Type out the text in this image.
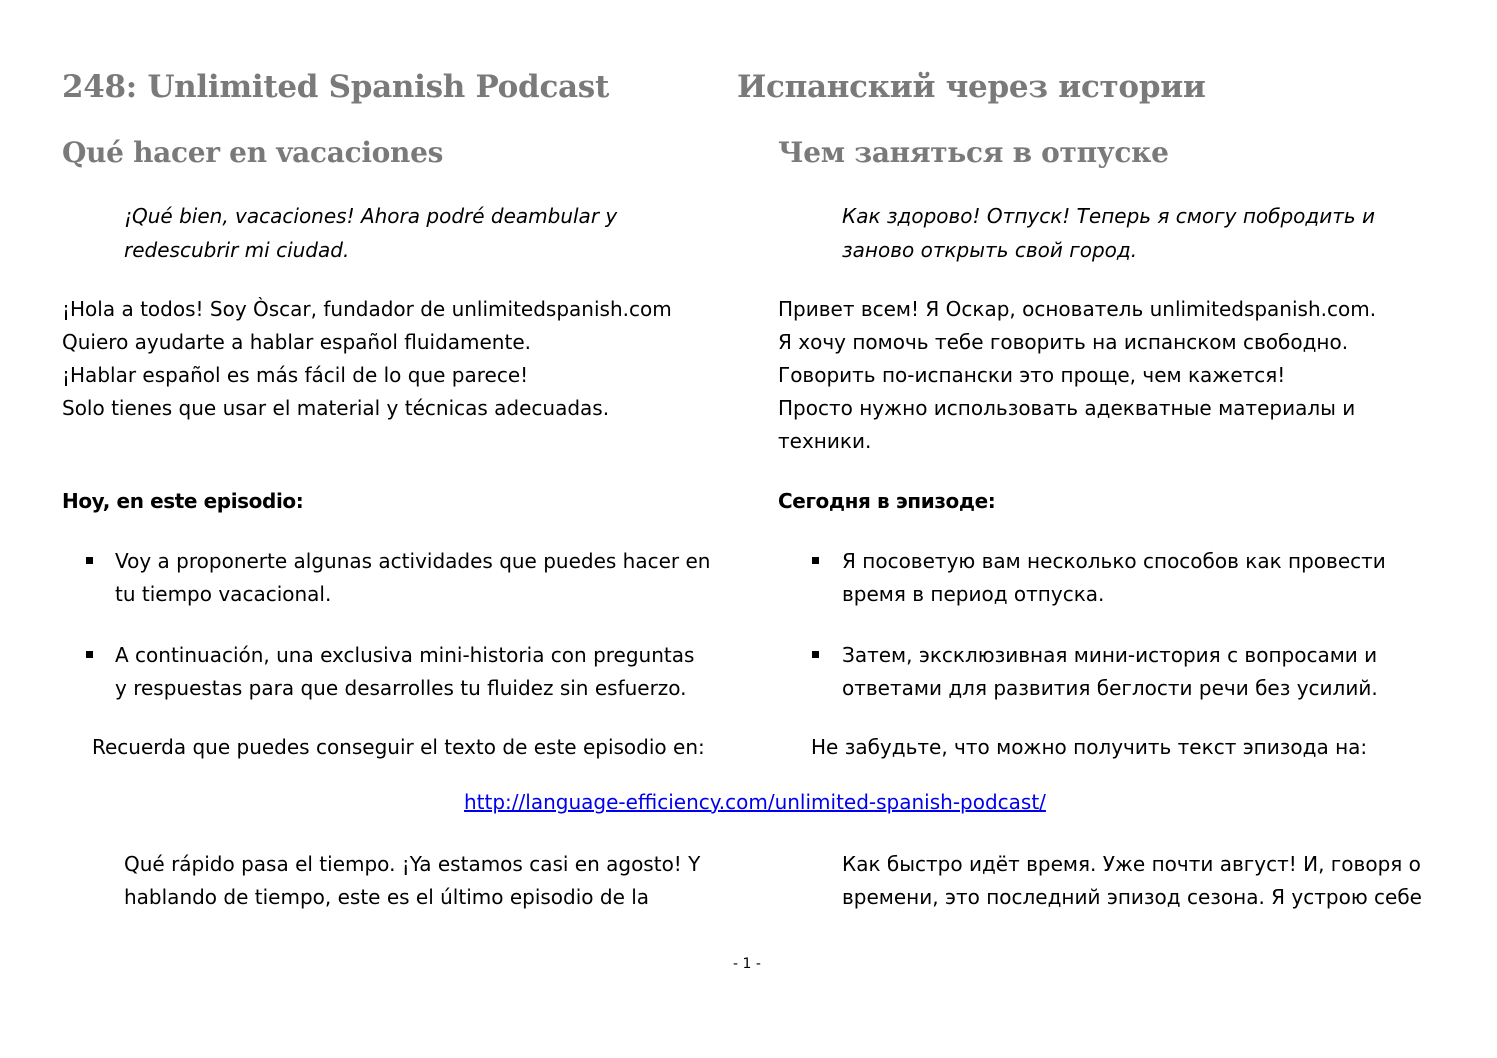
248: Unlimited Spanish Podcast
Qué hacer en vacaciones
¡Qué bien, vacaciones! Ahora podré deambular y
redescubrir mi ciudad.
¡Hola a todos! Soy Òscar, fundador de unlimitedspanish.com
Quiero ayudarte a hablar español fluidamente.
¡Hablar español es más fácil de lo que parece!
Solo tienes que usar el material y técnicas adecuadas.
Hoy, en este episodio:
Voy a proponerte algunas actividades que puedes hacer en
tu tiempo vacacional.
A continuación, una exclusiva mini-historia con preguntas
y respuestas para que desarrolles tu fluidez sin esfuerzo.
Recuerda que puedes conseguir el texto de este episodio en:
Qué rápido pasa el tiempo. ¡Ya estamos casi en agosto! Y
hablando de tiempo, este es el último episodio de la
Испанский через истории
Чем заняться в отпуске
Как здорово! Отпуск! Теперь я смогу побродить и
заново открыть свой город.
Привет всем! Я Оскар, основатель unlimitedspanish.com.
Я хочу помочь тебе говорить на испанском свободно.
Говорить по-испански это проще, чем кажется!
Просто нужно использовать адекватные материалы и
техники.
Сегодня в эпизоде:
Я посоветую вам несколько способов как провести
время в период отпуска.
Затем, эксклюзивная мини-история с вопросами и
ответами для развития беглости речи без усилий.
Не забудьте, что можно получить текст эпизода на:
http://language-efficiency.com/unlimited-spanish-podcast/
Как быстро идёт время. Уже почти август! И, говоря о
времени, это последний эпизод сезона. Я устрою себе
- 1 -
